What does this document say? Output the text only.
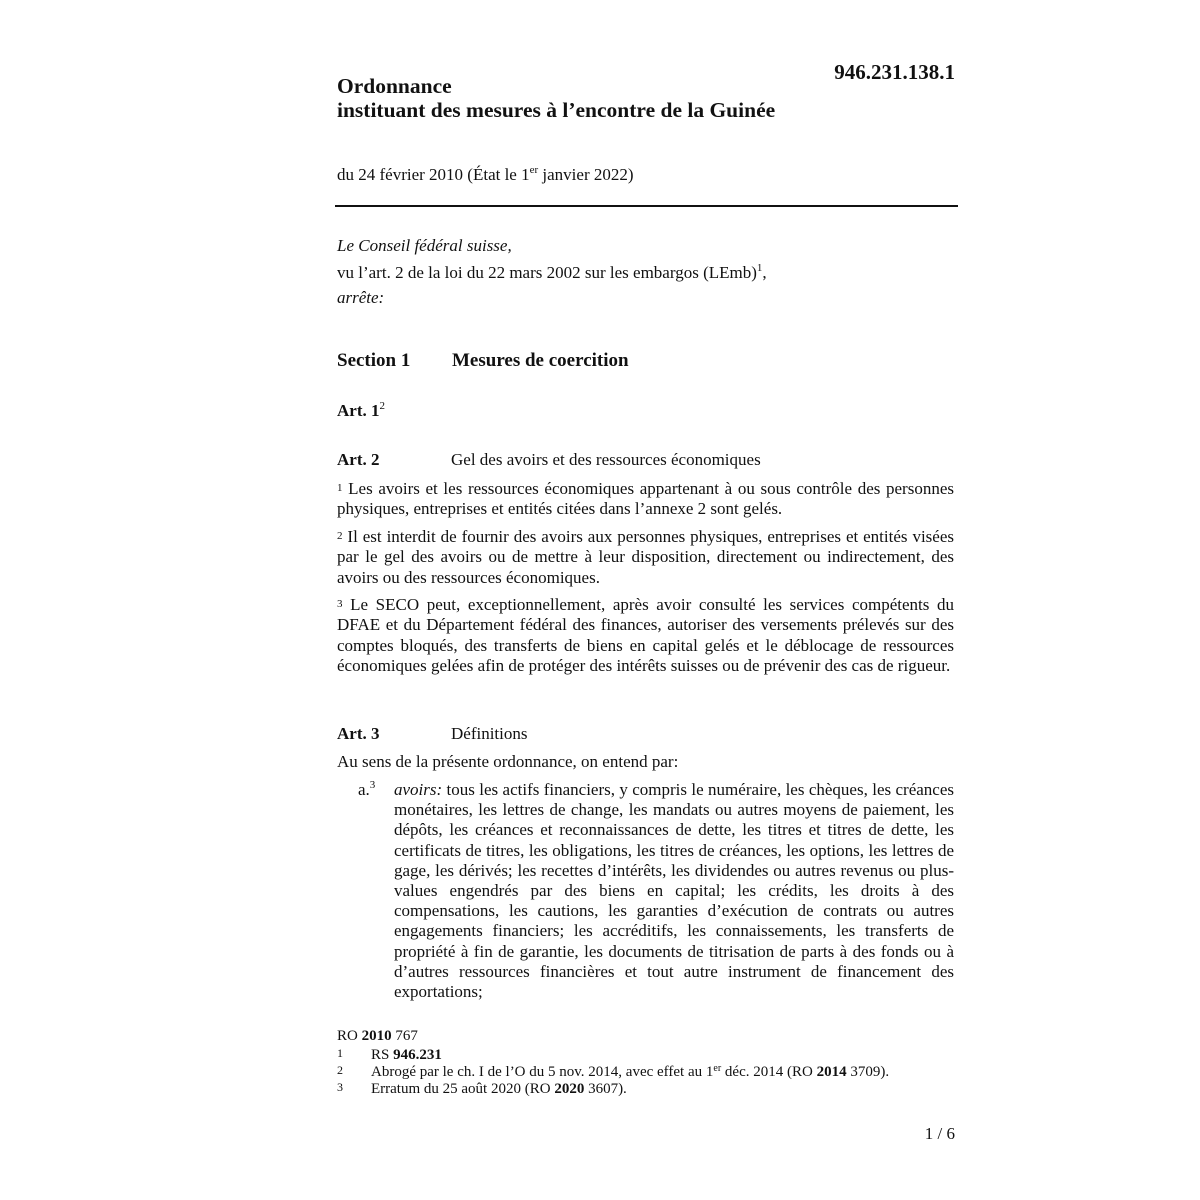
946.231.138.1
Ordonnance
instituant des mesures à l’encontre de la Guinée
du 24 février 2010 (État le 1er janvier 2022)
Le Conseil fédéral suisse,
vu l’art. 2 de la loi du 22 mars 2002 sur les embargos (LEmb)$^1$,
arrête:
Section 1 Mesures de coercition
Art. $1^2$
Art. 2	Gel des avoirs et des ressources économiques
$^1$ Les avoirs et les ressources économiques appartenant à ou sous contrôle des personnes physiques, entreprises et entités citées dans l’annexe 2 sont gelés.
$^2$ Il est interdit de fournir des avoirs aux personnes physiques, entreprises et entités visées par le gel des avoirs ou de mettre à leur disposition, directement ou indirectement, des avoirs ou des ressources économiques.
$^3$ Le SECO peut, exceptionnellement, après avoir consulté les services compétents du DFAE et du Département fédéral des finances, autoriser des versements prélevés sur des comptes bloqués, des transferts de biens en capital gelés et le déblocage de ressources économiques gelées afin de protéger des intérêts suisses ou de prévenir des cas de rigueur.
Art. 3	Définitions
Au sens de la présente ordonnance, on entend par:
a.$^3$ avoirs: tous les actifs financiers, y compris le numéraire, les chèques, les créances monétaires, les lettres de change, les mandats ou autres moyens de paiement, les dépôts, les créances et reconnaissances de dette, les titres et titres de dette, les certificats de titres, les obligations, les titres de créances, les options, les lettres de gage, les dérivés; les recettes d’intérêts, les dividendes ou autres revenus ou plus-values engendrés par des biens en capital; les crédits, les droits à des compensations, les cautions, les garanties d’exécution de contrats ou autres engagements financiers; les accréditifs, les connaissements, les transferts de propriété à fin de garantie, les documents de titrisation de parts à des fonds ou à d’autres ressources financières et tout autre instrument de financement des exportations;
RO 2010 767
1 RS 946.231
2 Abrogé par le ch. I de l’O du 5 nov. 2014, avec effet au 1er déc. 2014 (RO 2014 3709).
3 Erratum du 25 août 2020 (RO 2020 3607).
1 / 6
